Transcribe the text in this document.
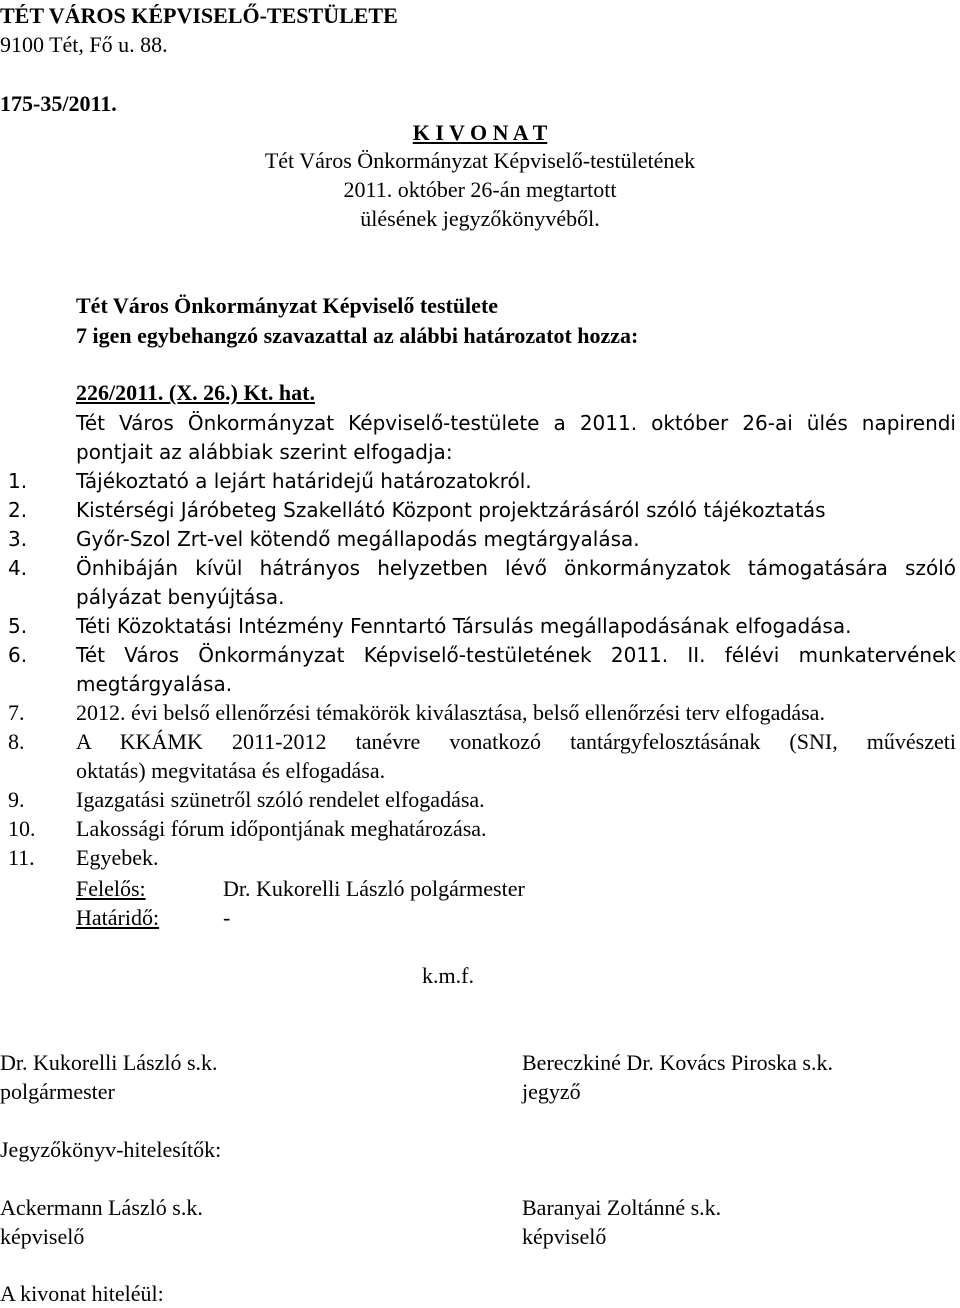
TÉT VÁROS KÉPVISELŐ-TESTÜLETE
9100 Tét, Fő u. 88.
175-35/2011.
K I V O N A T
Tét Város Önkormányzat Képviselő-testületének
2011. október 26-án megtartott
ülésének jegyzőkönyvéből.
Tét Város Önkormányzat Képviselő testülete
7 igen egybehangzó szavazattal az alábbi határozatot hozza:
226/2011. (X. 26.) Kt. hat.
Tét Város Önkormányzat Képviselő-testülete a 2011. október 26-ai ülés napirendi
pontjait az alábbiak szerint elfogadja:
1. Tájékoztató a lejárt határidejű határozatokról.
2. Kistérségi Járóbeteg Szakellátó Központ projektzárásáról szóló tájékoztatás
3. Győr-Szol Zrt-vel kötendő megállapodás megtárgyalása.
4. Önhibáján kívül hátrányos helyzetben lévő önkormányzatok támogatására szóló
pályázat benyújtása.
5. Téti Közoktatási Intézmény Fenntartó Társulás megállapodásának elfogadása.
6. Tét Város Önkormányzat Képviselő-testületének 2011. II. félévi munkatervének
megtárgyalása.
7. 2012. évi belső ellenőrzési témakörök kiválasztása, belső ellenőrzési terv elfogadása.
8. A KKÁMK 2011-2012 tanévre vonatkozó tantárgyfelosztásának (SNI, művészeti
oktatás) megvitatása és elfogadása.
9. Igazgatási szünetről szóló rendelet elfogadása.
10. Lakossági fórum időpontjának meghatározása.
11. Egyebek.
Felelős:	Dr. Kukorelli László polgármester
Határidő:	-
k.m.f.
Dr. Kukorelli László s.k.
polgármester
Bereczkiné Dr. Kovács Piroska s.k.
jegyző
Jegyzőkönyv-hitelesítők:
Ackermann László s.k.
képviselő
Baranyai Zoltánné s.k.
képviselő
A kivonat hiteléül:
